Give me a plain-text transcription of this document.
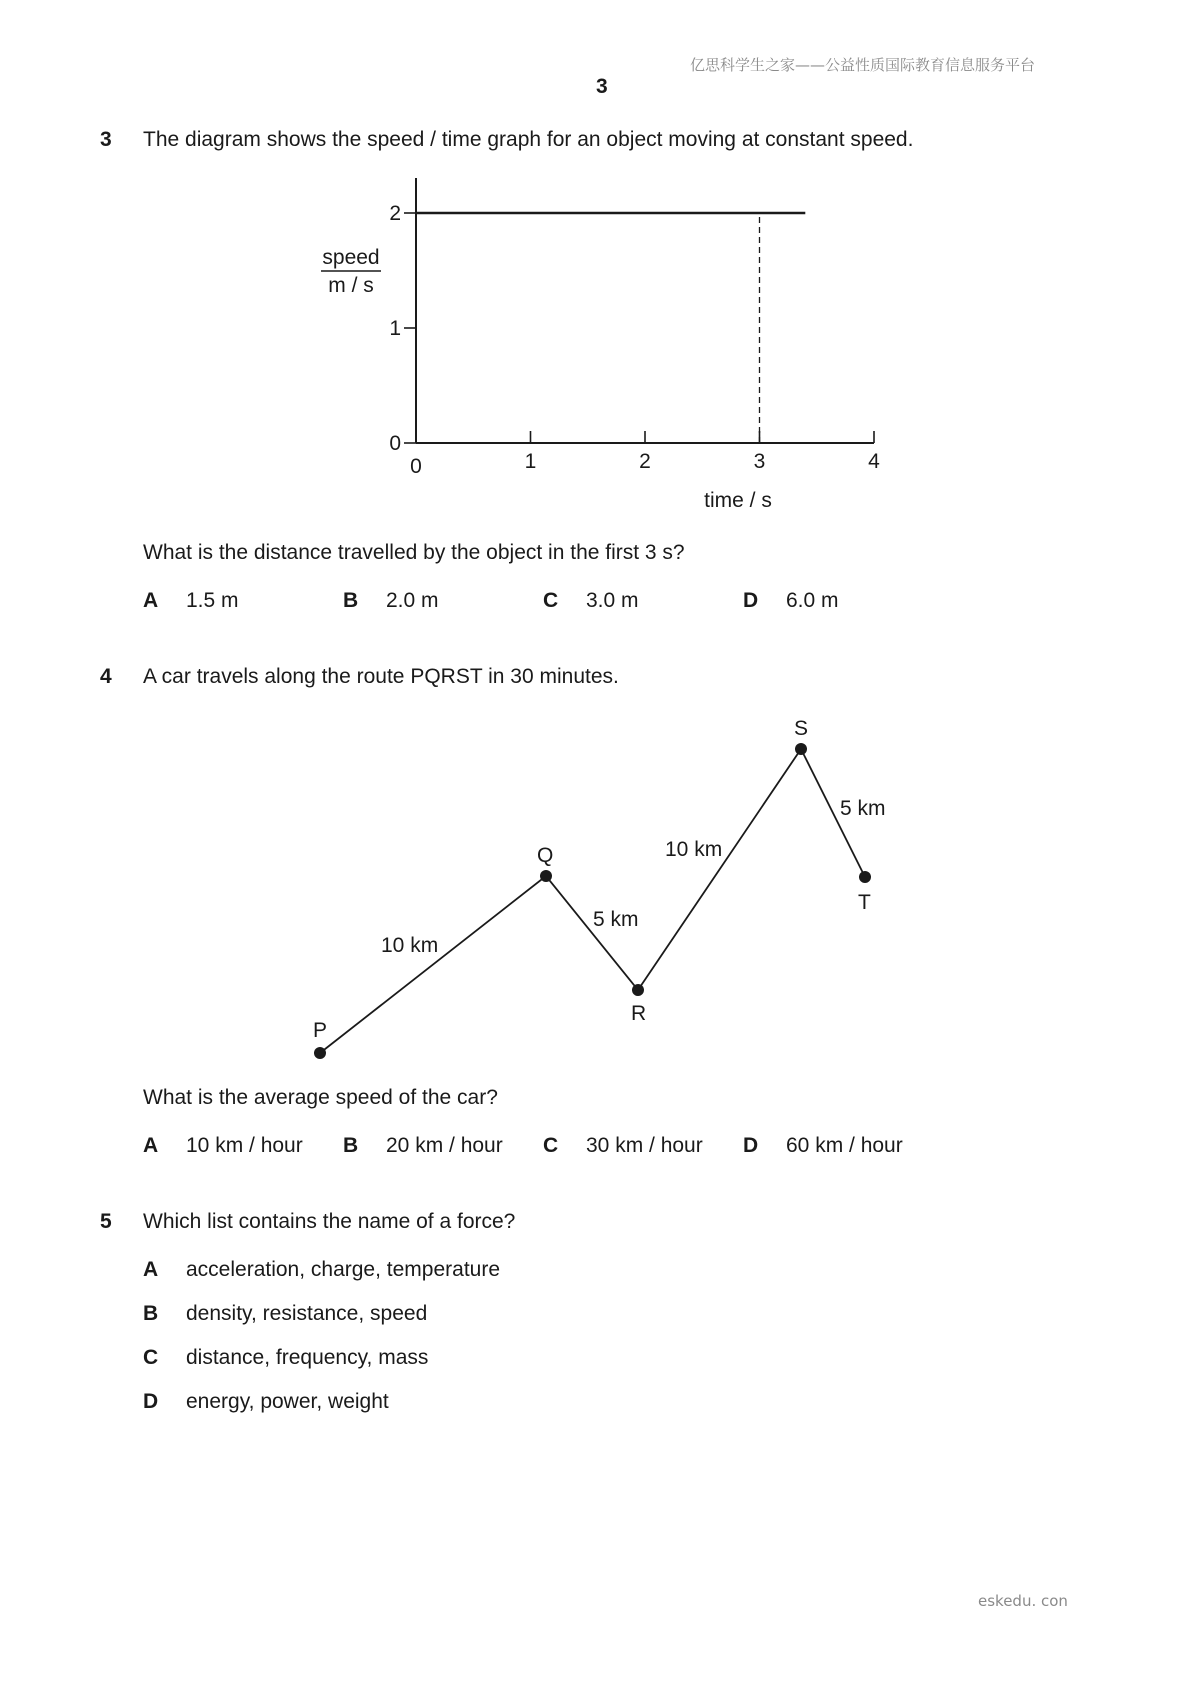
亿思科学生之家——公益性质国际教育信息服务平台
3
3 The diagram shows the speed / time graph for an object moving at constant speed.
0	1	2	3	4
0
1
2
speed
m / s
time / s
What is the distance travelled by the object in the first 3 s?
A 1.5 m	B 2.0 m	C 3.0 m	D 6.0 m
4 A car travels along the route PQRST in 30 minutes.
P
Q
R
S
T
10 km
5 km
10 km
5 km
What is the average speed of the car?
A 10 km / hour B 20 km / hour C 30 km / hour D 60 km / hour
5 Which list contains the name of a force?
A acceleration, charge, temperature
B density, resistance, speed
C distance, frequency, mass
D energy, power, weight
eskedu. con
